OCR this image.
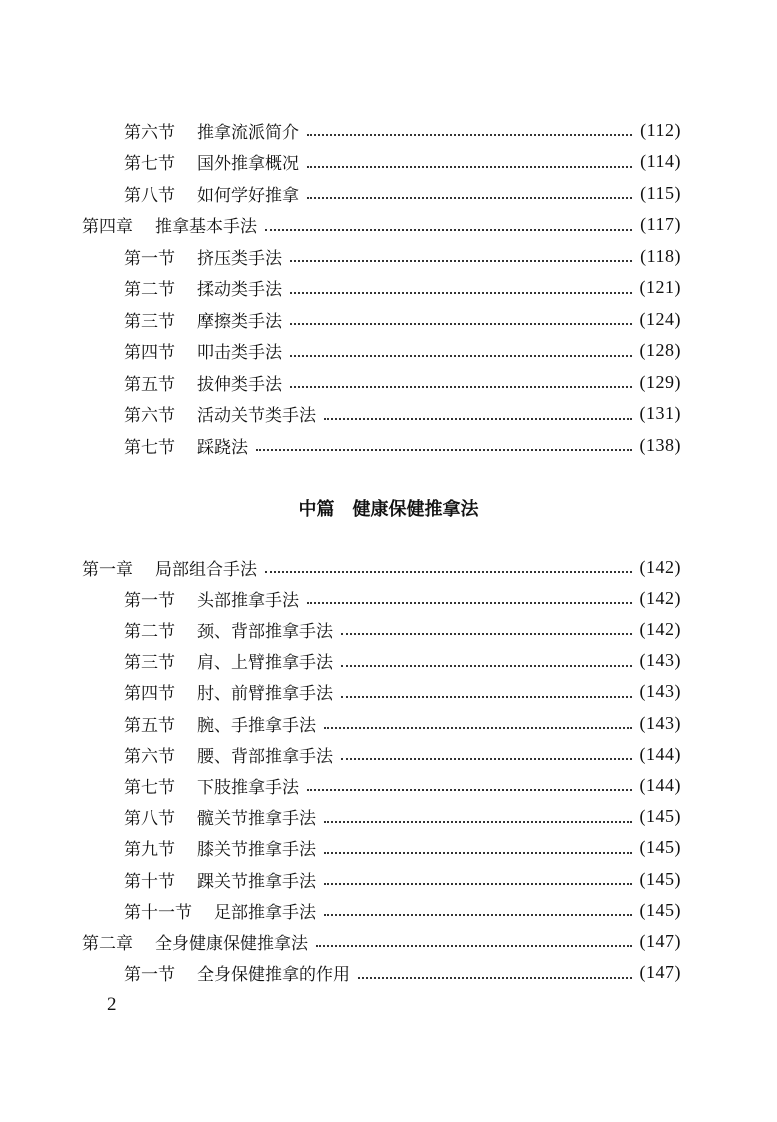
第六节 推拿流派简介	(112)
第七节 国外推拿概况	(114)
第八节 如何学好推拿	(115)
第四章 推拿基本手法	(117)
第一节 挤压类手法	(118)
第二节 揉动类手法	(121)
第三节 摩擦类手法	(124)
第四节 叩击类手法	(128)
第五节 拔伸类手法	(129)
第六节 活动关节类手法	(131)
第七节 踩跷法	(138)
中篇　健康保健推拿法
第一章 局部组合手法	(142)
第一节 头部推拿手法	(142)
第二节 颈、背部推拿手法	(142)
第三节 肩、上臂推拿手法	(143)
第四节 肘、前臂推拿手法	(143)
第五节 腕、手推拿手法	(143)
第六节 腰、背部推拿手法	(144)
第七节 下肢推拿手法	(144)
第八节 髋关节推拿手法	(145)
第九节 膝关节推拿手法	(145)
第十节 踝关节推拿手法	(145)
第十一节 足部推拿手法	(145)
第二章 全身健康保健推拿法	(147)
第一节 全身保健推拿的作用	(147)
2
